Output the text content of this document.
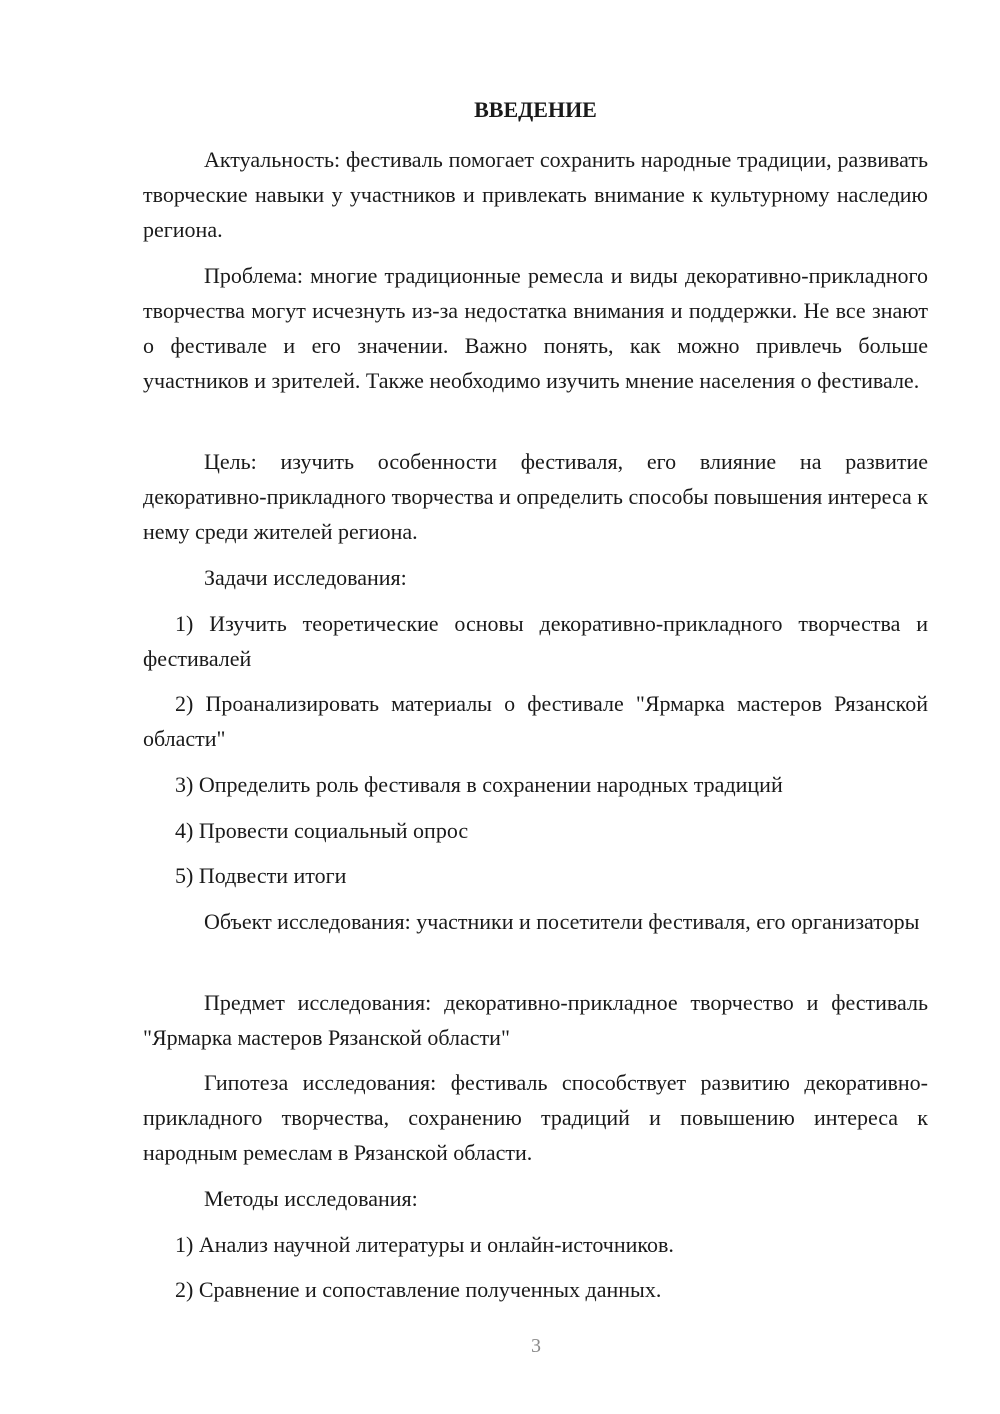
ВВЕДЕНИЕ

Актуальность: фестиваль помогает сохранить народные традиции, развивать творческие навыки у участников и привлекать внимание к культурному наследию региона.

Проблема: многие традиционные ремесла и виды декоративно-прикладного творчества могут исчезнуть из-за недостатка внимания и поддержки. Не все знают о фестивале и его значении. Важно понять, как можно привлечь больше участников и зрителей. Также необходимо изучить мнение населения о фестивале.

Цель: изучить особенности фестиваля, его влияние на развитие декоративно-прикладного творчества и определить способы повышения интереса к нему среди жителей региона.

Задачи исследования:

1) Изучить теоретические основы декоративно-прикладного творчества и фестивалей

2) Проанализировать материалы о фестивале "Ярмарка мастеров Рязанской области"

3) Определить роль фестиваля в сохранении народных традиций

4) Провести социальный опрос

5) Подвести итоги

Объект исследования: участники и посетители фестиваля, его организаторы

Предмет исследования: декоративно-прикладное творчество и фестиваль "Ярмарка мастеров Рязанской области"

Гипотеза исследования: фестиваль способствует развитию декоративно-прикладного творчества, сохранению традиций и повышению интереса к народным ремеслам в Рязанской области.

Методы исследования:

1) Анализ научной литературы и онлайн-источников.

2) Сравнение и сопоставление полученных данных.

3
